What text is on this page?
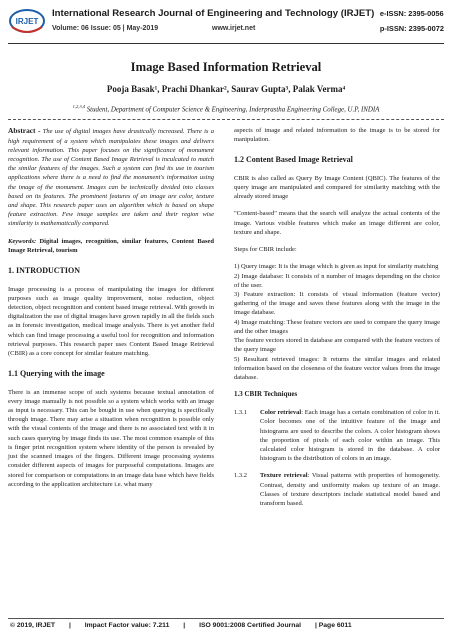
IRJET
International Research Journal of Engineering and Technology (IRJET)
Volume: 06 Issue: 05 | May-2019	www.irjet.net
e-ISSN: 2395-0056
p-ISSN: 2395-0072
Image Based Information Retrieval
Pooja Basak¹, Prachi Dhankar², Saurav Gupta³, Palak Verma⁴
$^{1,2,3,4}$ Student, Department of Computer Science & Engineering, Inderprastha Engineering College, U.P, INDIA
Abstract - The use of digital images have drastically increased. There is a high requirement of a system which manipulates these images and delivers relevant information. This paper focuses on the significance of monument recognition. The use of Content Based Image Retrieval is inculcated to match the similar features of the images. Such a system can find its use in tourism applications where there is a need to find the monument's information using the image of the monument. Images can be technically divided into classes based on its features. The prominent features of an image are color, texture and shape. This research paper uses an algorithm which is based on shape feature extraction. Few image samples are taken and their region wise similarity is mathematically compared.
Keywords: Digital images, recognition, similar features, Content Based Image Retrieval, tourism
1. INTRODUCTION
Image processing is a process of manipulating the images for different purposes such as image quality improvement, noise reduction, object detection, object recognition and content based image retrieval. With growth in digitalization the use of digital images have grown rapidly in all the fields such as in forensic investigation, medical image analysis. There is yet another field which can find image processing a useful tool for recognition and information retrieval purposes. This research paper uses Content Based Image Retrieval (CBIR) as a core concept for similar feature matching.
1.1 Querying with the image
There is an immense scope of such systems because textual annotation of every image manually is not possible so a system which works with an image as input is necessary. This can be bought in use when querying is specifically through image. There may arise a situation when recognition is possible only with the visual contents of the image and there is no associated text with it in such cases querying by image finds its use. The most common example of this is finger print recognition system where identity of the person is revealed by just the scanned images of the fingers. Different image processing systems consider different aspects of images for purposeful computations. Images are stored for comparison or computations in an image data base which have fields according to the application architecture i.e. what many
aspects of image and related information to the image is to be stored for manipulation.
1.2 Content Based Image Retrieval
CBIR is also called as Query By Image Content (QBIC). The features of the query image are manipulated and compared for similarity matching with the already stored image
"Content-based" means that the search will analyze the actual contents of the image. Various visible features which make an image different are color, texture and shape.
Steps for CBIR include:
1) Query image: It is the image which is given as input for similarity matching
2) Image database: It consists of n number of images depending on the choice of the user.
3) Feature extraction: It consists of visual information (feature vector) gathering of the image and saves these features along with the image in the image database.
4) Image matching: These feature vectors are used to compare the query image and the other images
The feature vectors stored in database are compared with the feature vectors of the query image
5) Resultant retrieved images: It returns the similar images and related information based on the closeness of the feature vector values from the image database.
1.3 CBIR Techniques
1.3.1	Color retrieval: Each image has a certain combination of color in it. Color becomes one of the intuitive feature of the image and histograms are used to describe the colors. A color histogram shows the proportion of pixels of each color within an image. This calculated color histogram is stored in the database. A color histogram is the distribution of colors in an image.
1.3.2	Texture retrieval: Visual patterns with properties of homogeneity. Contrast, density and uniformity makes up texture of an image. Classes of texture descriptors include statistical model based and transform based.
© 2019, IRJET | Impact Factor value: 7.211 | ISO 9001:2008 Certified Journal | Page 6011
